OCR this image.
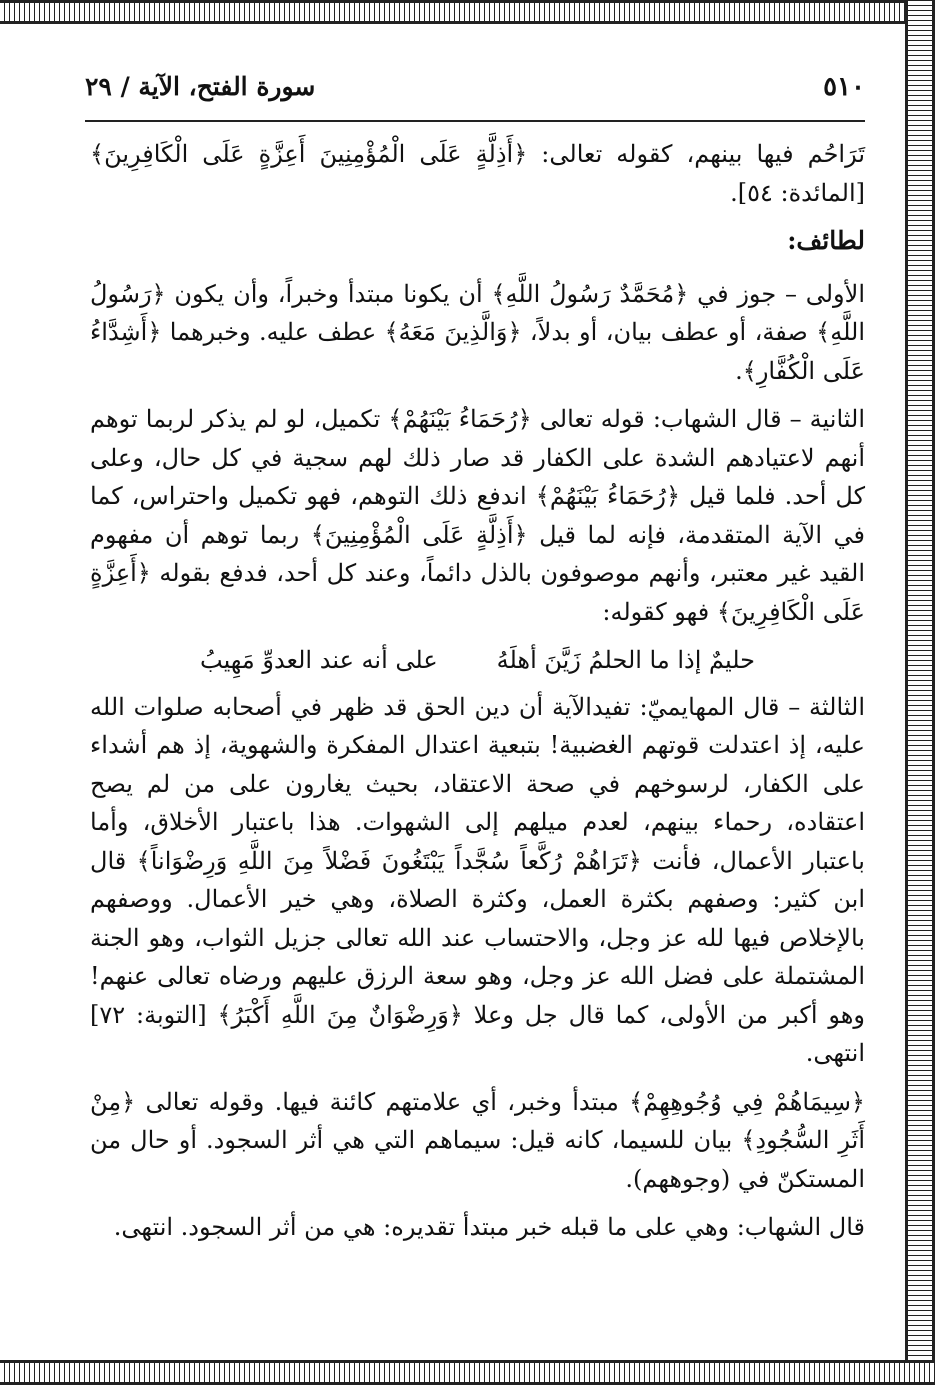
٥١٠
سورة الفتح، الآية / ٢٩

تَرَاحُم فيها بينهم، كقوله تعالى: ﴿أَذِلَّةٍ عَلَى الْمُؤْمِنِينَ أَعِزَّةٍ عَلَى الْكَافِرِينَ﴾ [المائدة: ٥٤].

لطائف:

الأولى – جوز في ﴿مُحَمَّدٌ رَسُولُ اللَّهِ﴾ أن يكونا مبتدأ وخبراً، وأن يكون ﴿رَسُولُ اللَّهِ﴾ صفة، أو عطف بيان، أو بدلاً، ﴿وَالَّذِينَ مَعَهُ﴾ عطف عليه. وخبرهما ﴿أَشِدَّاءُ عَلَى الْكُفَّارِ﴾.

الثانية – قال الشهاب: قوله تعالى ﴿رُحَمَاءُ بَيْنَهُمْ﴾ تكميل، لو لم يذكر لربما توهم أنهم لاعتيادهم الشدة على الكفار قد صار ذلك لهم سجية في كل حال، وعلى كل أحد. فلما قيل ﴿رُحَمَاءُ بَيْنَهُمْ﴾ اندفع ذلك التوهم، فهو تكميل واحتراس، كما في الآية المتقدمة، فإنه لما قيل ﴿أَذِلَّةٍ عَلَى الْمُؤْمِنِينَ﴾ ربما توهم أن مفهوم القيد غير معتبر، وأنهم موصوفون بالذل دائماً، وعند كل أحد، فدفع بقوله ﴿أَعِزَّةٍ عَلَى الْكَافِرِينَ﴾ فهو كقوله:

حليمٌ إذا ما الحلمُ زَيَّنَ أهلَهُ
على أنه عند العدوِّ مَهِيبُ

الثالثة – قال المهايميّ: تفيدالآية أن دين الحق قد ظهر في أصحابه صلوات الله عليه، إذ اعتدلت قوتهم الغضبية! بتبعية اعتدال المفكرة والشهوية، إذ هم أشداء على الكفار، لرسوخهم في صحة الاعتقاد، بحيث يغارون على من لم يصح اعتقاده، رحماء بينهم، لعدم ميلهم إلى الشهوات. هذا باعتبار الأخلاق، وأما باعتبار الأعمال، فأنت ﴿تَرَاهُمْ رُكَّعاً سُجَّداً يَبْتَغُونَ فَضْلاً مِنَ اللَّهِ وَرِضْوَاناً﴾ قال ابن كثير: وصفهم بكثرة العمل، وكثرة الصلاة، وهي خير الأعمال. ووصفهم بالإخلاص فيها لله عز وجل، والاحتساب عند الله تعالى جزيل الثواب، وهو الجنة المشتملة على فضل الله عز وجل، وهو سعة الرزق عليهم ورضاه تعالى عنهم! وهو أكبر من الأولى، كما قال جل وعلا ﴿وَرِضْوَانٌ مِنَ اللَّهِ أَكْبَرُ﴾ [التوبة: ٧٢] انتهى.

﴿سِيمَاهُمْ فِي وُجُوهِهِمْ﴾ مبتدأ وخبر، أي علامتهم كائنة فيها. وقوله تعالى ﴿مِنْ أَثَرِ السُّجُودِ﴾ بيان للسيما، كانه قيل: سيماهم التي هي أثر السجود. أو حال من المستكنّ في (وجوههم).

قال الشهاب: وهي على ما قبله خبر مبتدأ تقديره: هي من أثر السجود. انتهى.
